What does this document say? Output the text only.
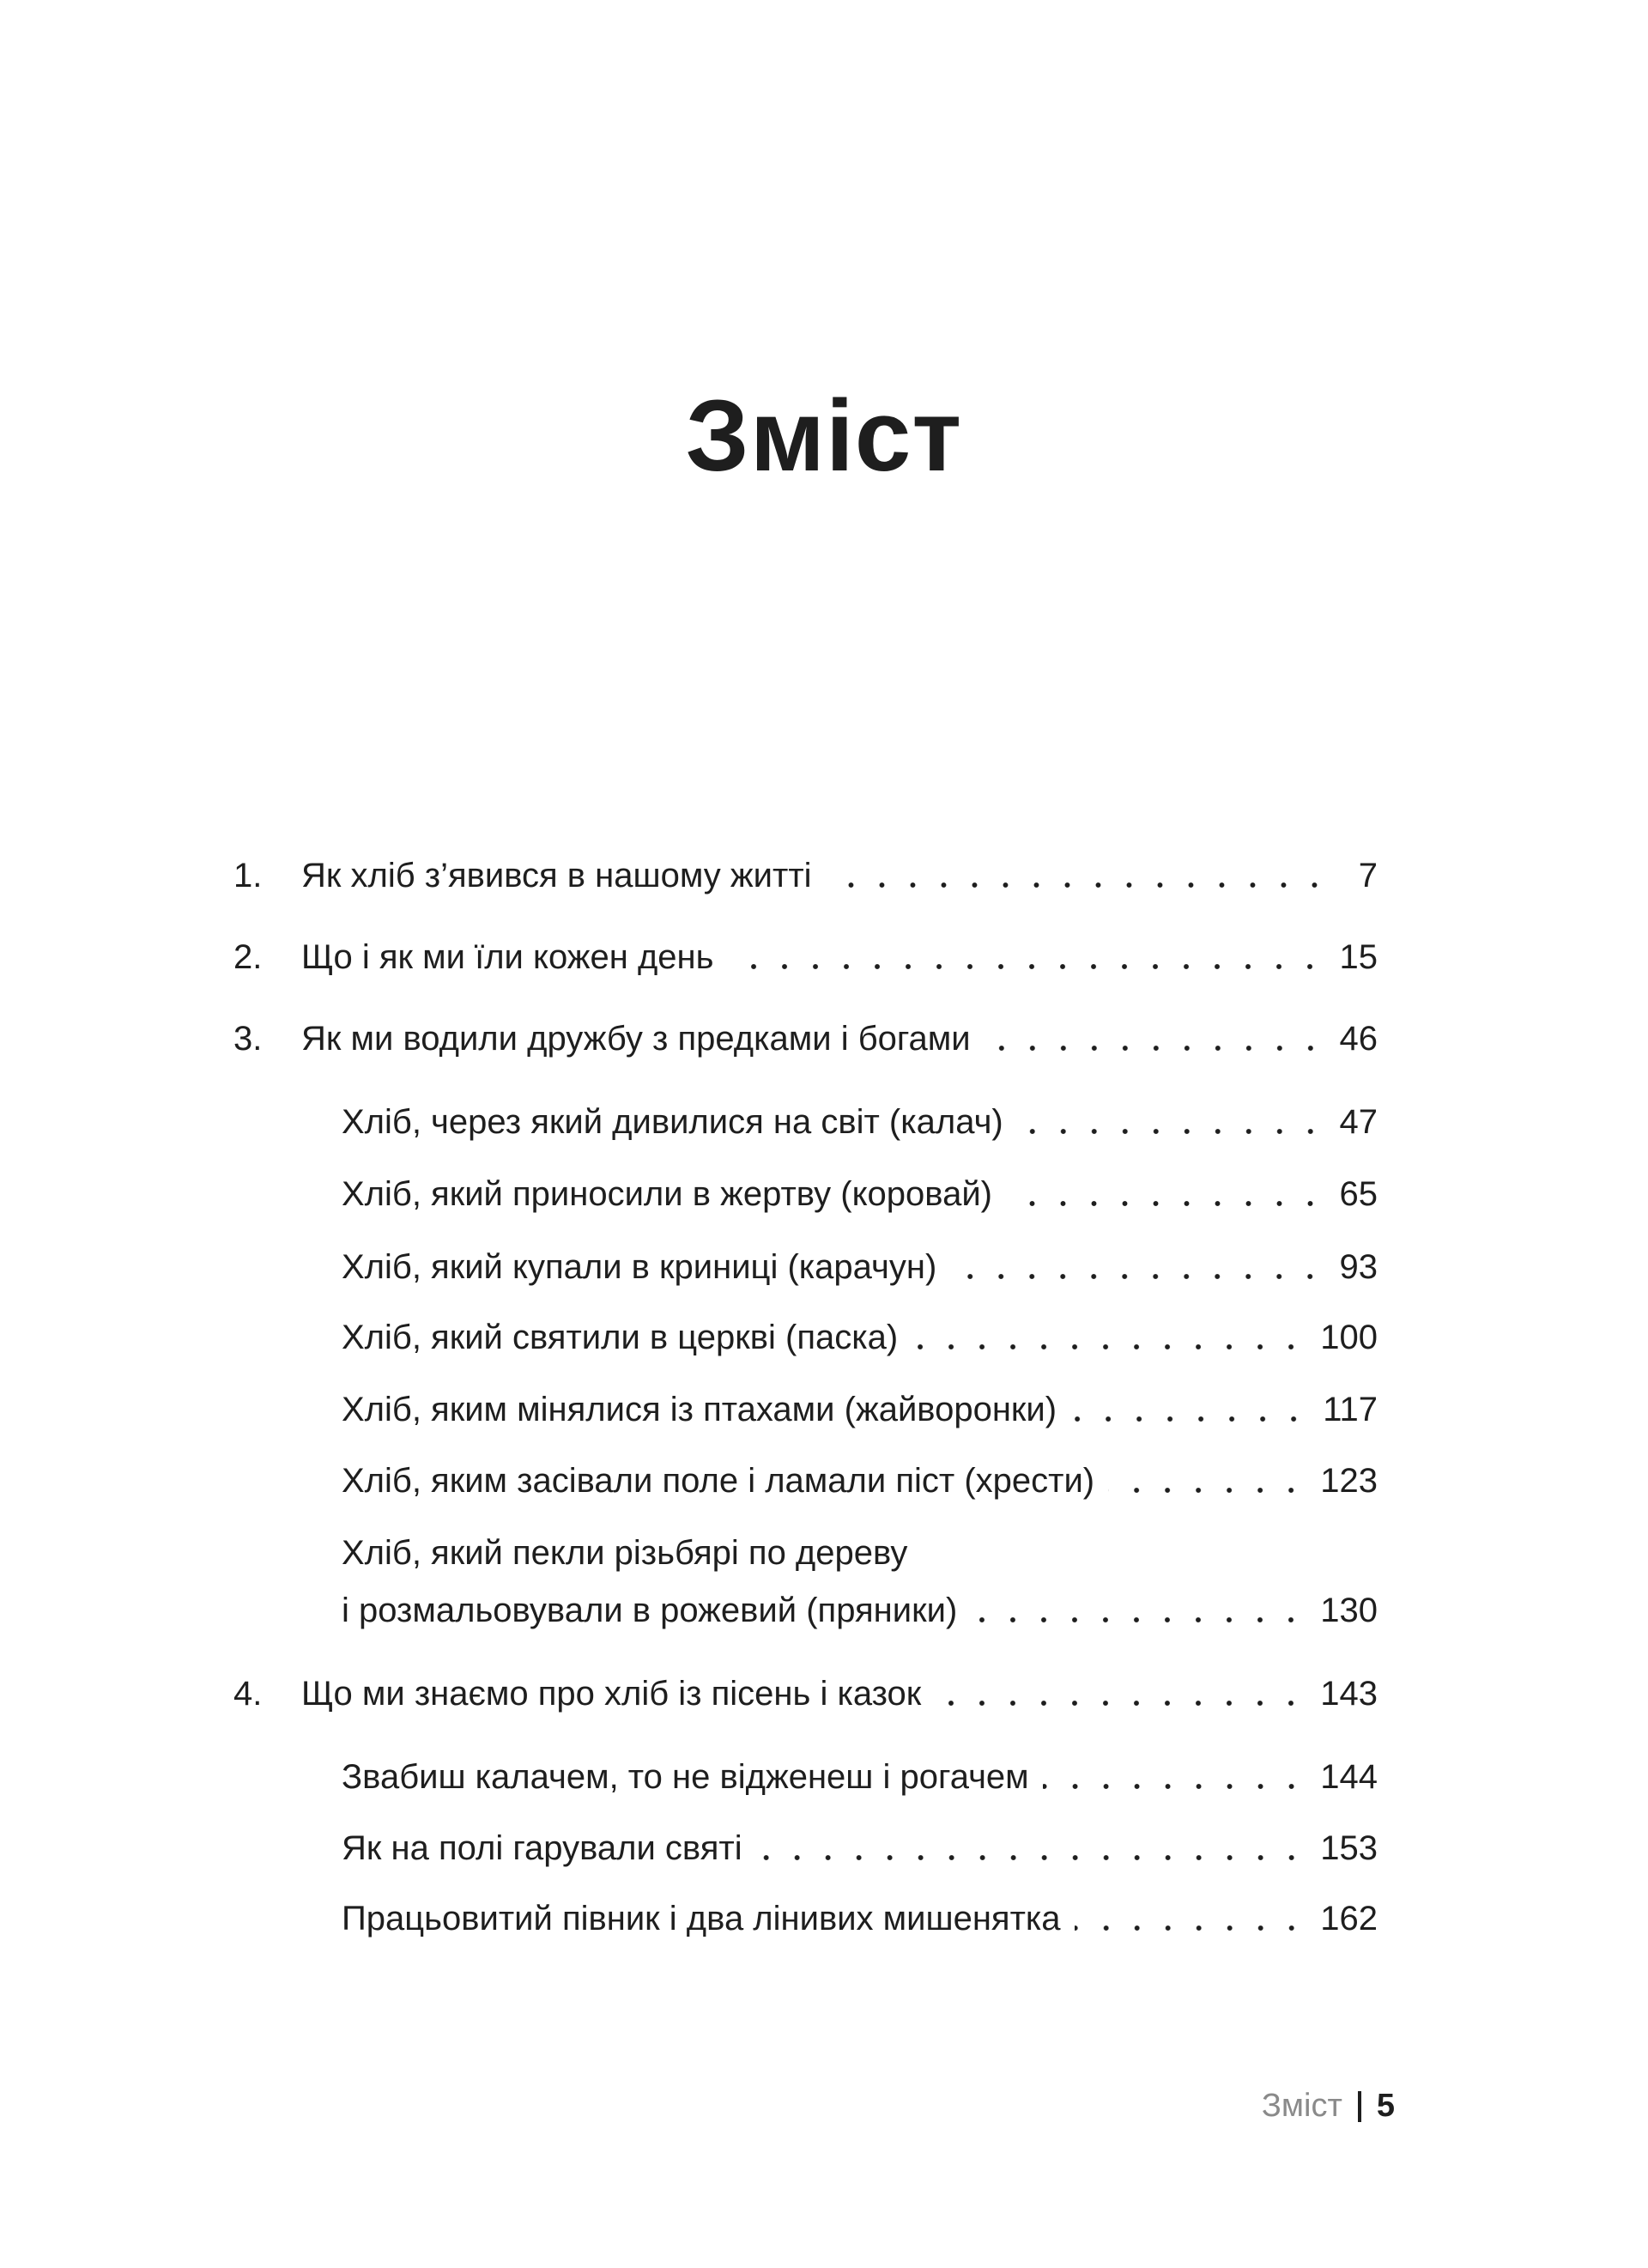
Зміст
1.	Як хліб з’явився в нашому житті	7
2.	Що і як ми їли кожен день	15
3.	Як ми водили дружбу з предками і богами	46
Хліб, через який дивилися на світ (калач)	47
Хліб, який приносили в жертву (коровай)	65
Хліб, який купали в криниці (карачун)	93
Хліб, який святили в церкві (паска)	100
Хліб, яким мінялися із птахами (жайворонки)	117
Хліб, яким засівали поле і ламали піст (хрести)	123
Хліб, який пекли різьбярі по дереву
і розмальовували в рожевий (пряники)	130
4.	Що ми знаємо про хліб із пісень і казок	143
Звабиш калачем, то не відженеш і рогачем	144
Як на полі гарували святі	153
Працьовитий півник і два лінивих мишенятка	162
Зміст 5
